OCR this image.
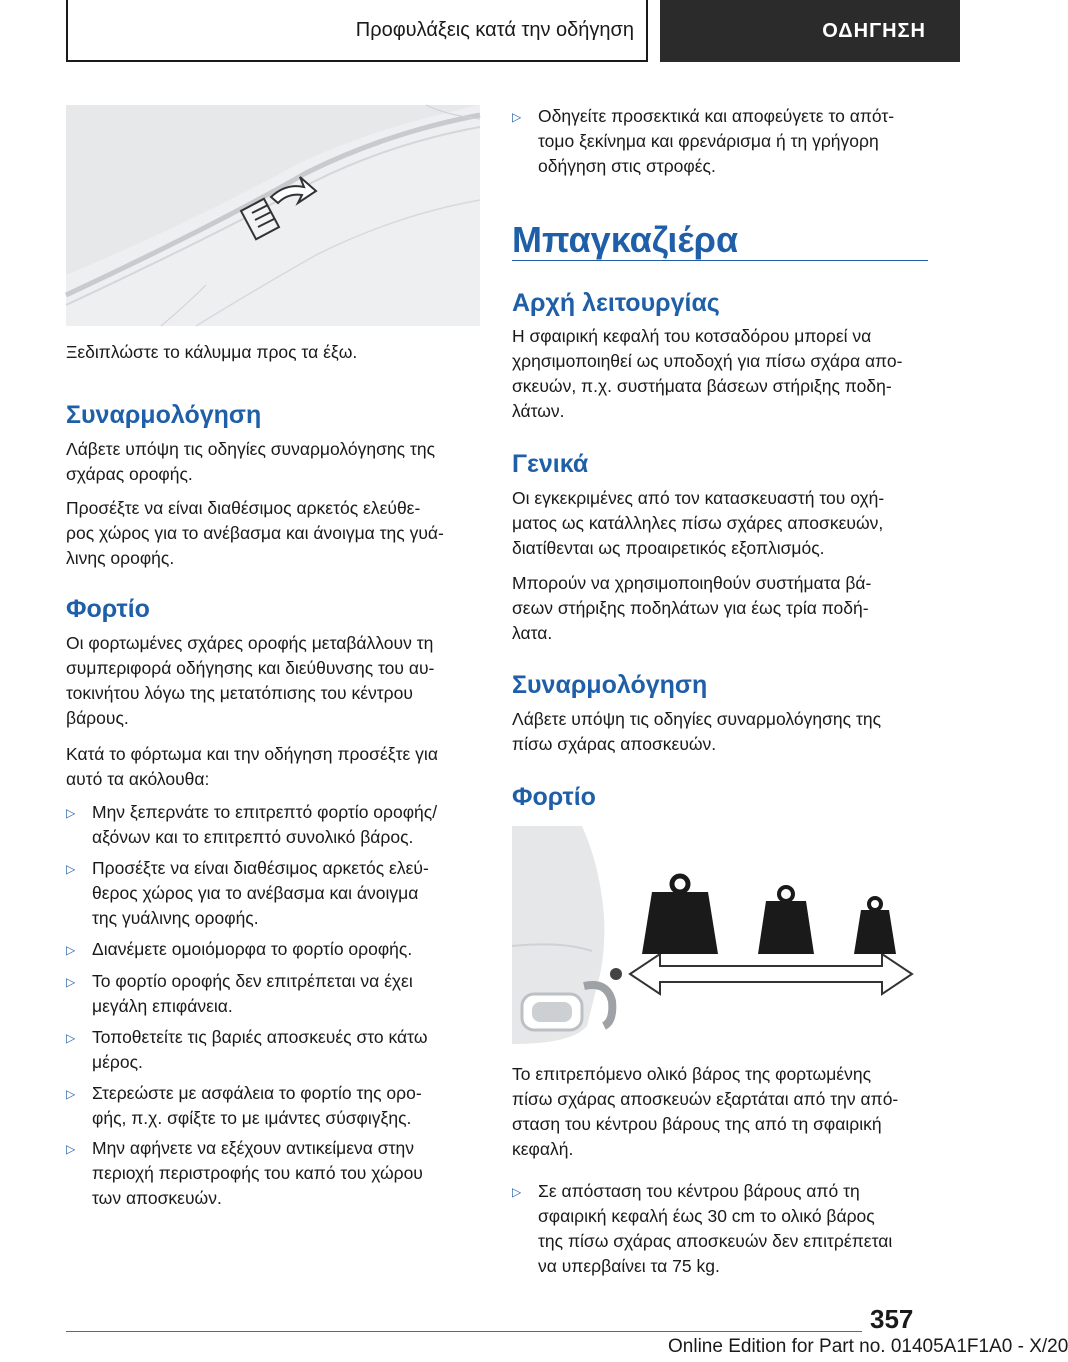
Προφυλάξεις κατά την οδήγηση	ΟΔΗΓΗΣΗ

Ξεδιπλώστε το κάλυμμα προς τα έξω.

Συναρμολόγηση

Λάβετε υπόψη τις οδηγίες συναρμολόγησης της

σχάρας οροφής.

Προσέξτε να είναι διαθέσιμος αρκετός ελεύθε-

ρος χώρος για το ανέβασμα και άνοιγμα της γυά-

λινης οροφής.

Φορτίο

Οι φορτωμένες σχάρες οροφής μεταβάλλουν τη

συμπεριφορά οδήγησης και διεύθυνσης του αυ-

τοκινήτου λόγω της μετατόπισης του κέντρου

βάρους.

Κατά το φόρτωμα και την οδήγηση προσέξτε για

αυτό τα ακόλουθα:

▷ Μην ξεπερνάτε το επιτρεπτό φορτίο οροφής/
αξόνων και το επιτρεπτό συνολικό βάρος.
▷ Προσέξτε να είναι διαθέσιμος αρκετός ελεύ-
θερος χώρος για το ανέβασμα και άνοιγμα
της γυάλινης οροφής.
▷ Διανέμετε ομοιόμορφα το φορτίο οροφής.
▷ Το φορτίο οροφής δεν επιτρέπεται να έχει
μεγάλη επιφάνεια.
▷ Τοποθετείτε τις βαριές αποσκευές στο κάτω
μέρος.
▷ Στερεώστε με ασφάλεια το φορτίο της ορο-
φής, π.χ. σφίξτε το με ιμάντες σύσφιγξης.
▷ Μην αφήνετε να εξέχουν αντικείμενα στην
περιοχή περιστροφής του καπό του χώρου
των αποσκευών.
▷ Οδηγείτε προσεκτικά και αποφεύγετε το απότ-
τομο ξεκίνημα και φρενάρισμα ή τη γρήγορη
οδήγηση στις στροφές.
Μπαγκαζιέρα
Αρχή λειτουργίας

Η σφαιρική κεφαλή του κοτσαδόρου μπορεί να

χρησιμοποιηθεί ως υποδοχή για πίσω σχάρα απο-

σκευών, π.χ. συστήματα βάσεων στήριξης ποδη-

λάτων.

Γενικά

Οι εγκεκριμένες από τον κατασκευαστή του οχή-

ματος ως κατάλληλες πίσω σχάρες αποσκευών,

διατίθενται ως προαιρετικός εξοπλισμός.

Μπορούν να χρησιμοποιηθούν συστήματα βά-

σεων στήριξης ποδηλάτων για έως τρία ποδή-

λατα.

Συναρμολόγηση

Λάβετε υπόψη τις οδηγίες συναρμολόγησης της

πίσω σχάρας αποσκευών.

Φορτίο

Το επιτρεπόμενο ολικό βάρος της φορτωμένης

πίσω σχάρας αποσκευών εξαρτάται από την από-

σταση του κέντρου βάρους της από τη σφαιρική

κεφαλή.

▷ Σε απόσταση του κέντρου βάρους από τη
σφαιρική κεφαλή έως 30 cm το ολικό βάρος
της πίσω σχάρας αποσκευών δεν επιτρέπεται
να υπερβαίνει τα 75 kg.
357
Online Edition for Part no. 01405A1F1A0 - X/20
